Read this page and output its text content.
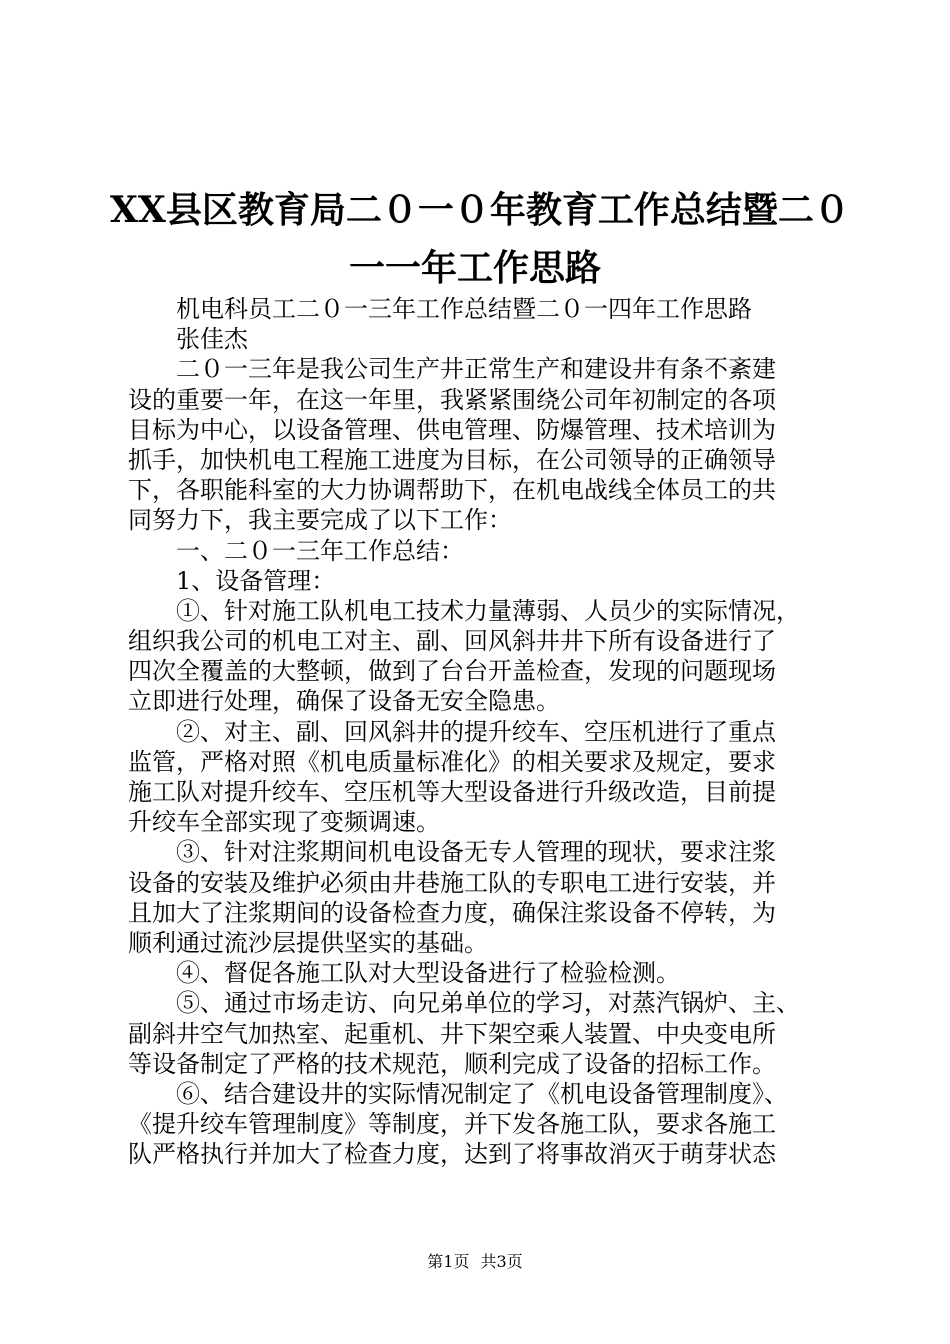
XX县区教育局二０一０年教育工作总结暨二０
一一年工作思路
机电科员工二０一三年工作总结暨二０一四年工作思路
张佳杰
二０一三年是我公司生产井正常生产和建设井有条不紊建
设的重要一年，在这一年里，我紧紧围绕公司年初制定的各项
目标为中心，以设备管理、供电管理、防爆管理、技术培训为
抓手，加快机电工程施工进度为目标，在公司领导的正确领导
下，各职能科室的大力协调帮助下，在机电战线全体员工的共
同努力下，我主要完成了以下工作：
一、二０一三年工作总结：
1、设备管理：
①、针对施工队机电工技术力量薄弱、人员少的实际情况，
组织我公司的机电工对主、副、回风斜井井下所有设备进行了
四次全覆盖的大整顿，做到了台台开盖检查，发现的问题现场
立即进行处理，确保了设备无安全隐患。
②、对主、副、回风斜井的提升绞车、空压机进行了重点
监管，严格对照《机电质量标准化》的相关要求及规定，要求
施工队对提升绞车、空压机等大型设备进行升级改造，目前提
升绞车全部实现了变频调速。
③、针对注浆期间机电设备无专人管理的现状，要求注浆
设备的安装及维护必须由井巷施工队的专职电工进行安装，并
且加大了注浆期间的设备检查力度，确保注浆设备不停转，为
顺利通过流沙层提供坚实的基础。
④、督促各施工队对大型设备进行了检验检测。
⑤、通过市场走访、向兄弟单位的学习，对蒸汽锅炉、主、
副斜井空气加热室、起重机、井下架空乘人装置、中央变电所
等设备制定了严格的技术规范，顺利完成了设备的招标工作。
⑥、结合建设井的实际情况制定了《机电设备管理制度》、
《提升绞车管理制度》等制度，并下发各施工队，要求各施工
队严格执行并加大了检查力度，达到了将事故消灭于萌芽状态
第1页 共3页
